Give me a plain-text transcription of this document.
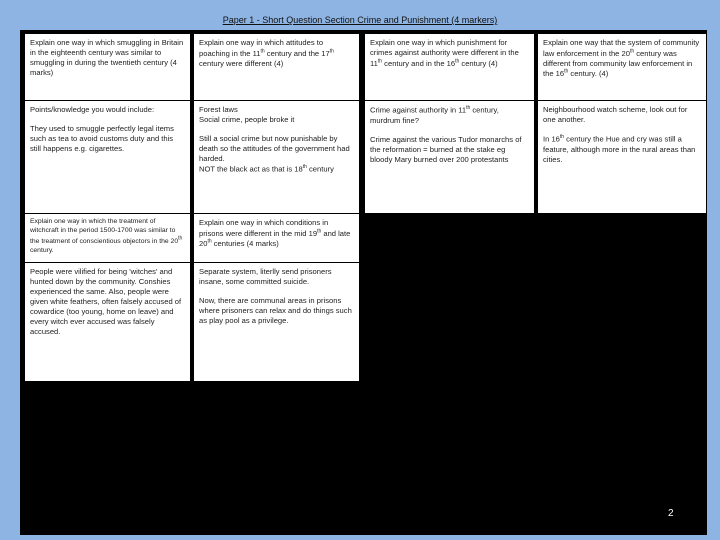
Paper 1 - Short Question Section Crime and Punishment (4 markers)
Explain one way in which smuggling in Britain in the eighteenth century was similar to smuggling in during the twentieth century (4 marks)
Explain one way in which attitudes to poaching in the 11th century and the 17th century were different (4)
Explain one way in which punishment for crimes against authority were different in the 11th century and in the 16th century (4)
Explain one way that the system of community law enforcement in the 20th century was different from community law enforcement in the 16th century. (4)

Points/knowledge you would include:

They used to smuggle perfectly legal items such as tea to avoid customs duty and this still happens e.g. cigarettes.

Forest laws
Social crime, people broke it

Still a social crime but now punishable by death so the attitudes of the government had harded.
NOT the black act as that is 18th century

Crime against authority in 11th century, murdrum fine?

Crime against the various Tudor monarchs of the reformation = burned at the stake eg bloody Mary burned over 200 protestants

Neighbourhood watch scheme, look out for one another.

In 16th century the Hue and cry was still a feature, although more in the rural areas than cities.

Explain one way in which the treatment of witchcraft in the period 1500-1700 was similar to the treatment of conscientious objectors in the 20th century.
Explain one way in which conditions in prisons were different in the mid 19th and late 20th centuries (4 marks)

People were vilified for being 'witches' and hunted down by the community. Conshies experienced the same. Also, people were given white feathers, often falsely accused of cowardice (too young, home on leave) and every witch ever accused was falsely accused.

Separate system, literlly send prisoners insane, some committed suicide.

Now, there are communal areas in prisons where prisoners can relax and do things such as play pool as a privilege.

2
